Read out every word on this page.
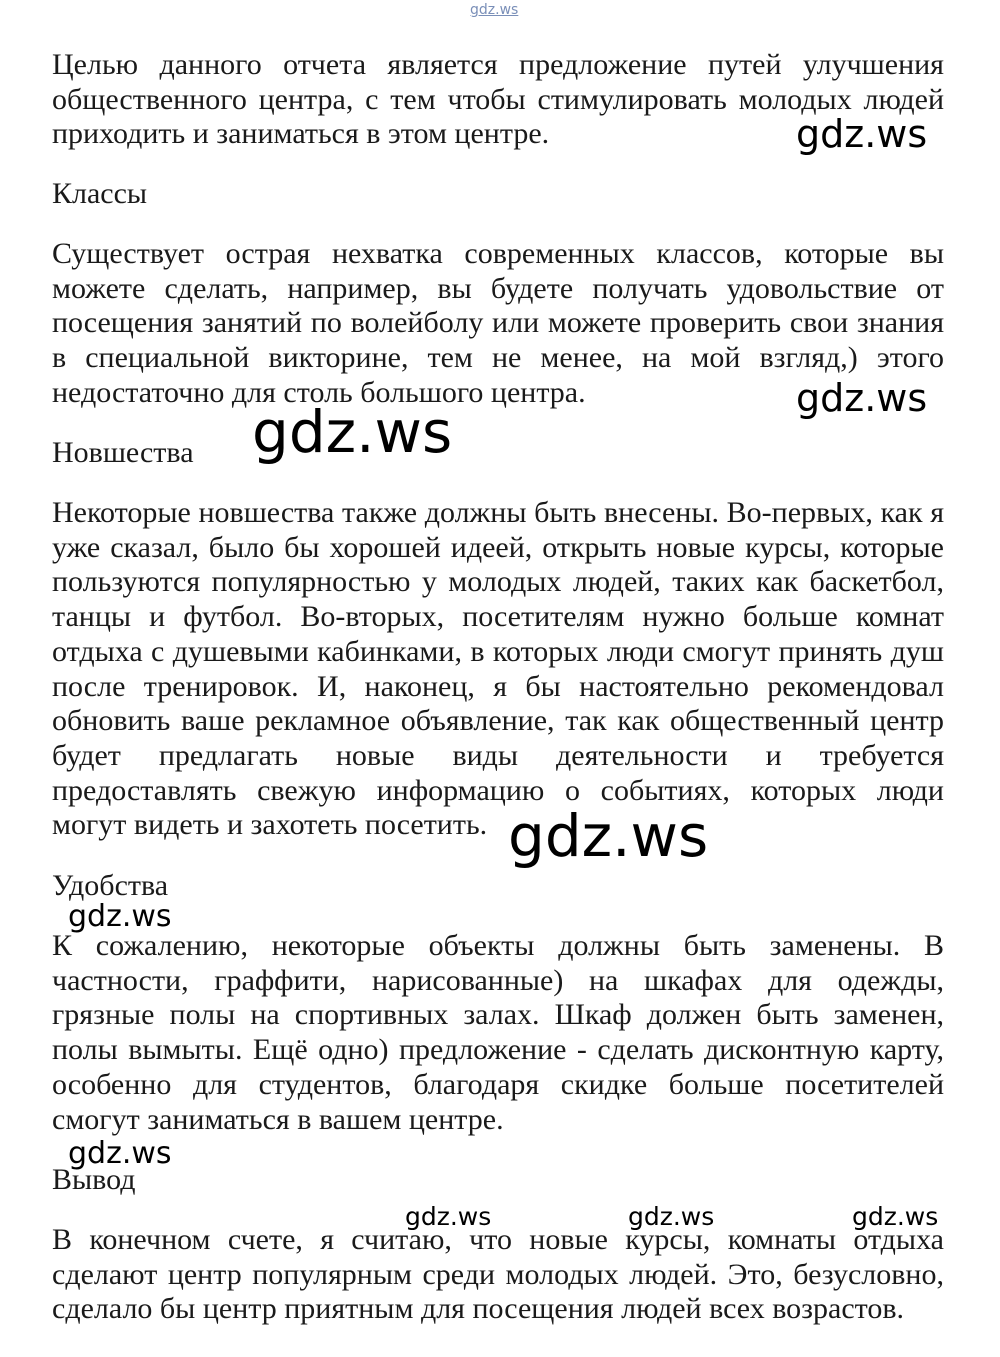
Целью данного отчета является предложение путей улучшения общественного центра, с тем чтобы стимулировать молодых людей приходить и заниматься в этом центре.

Классы

Существует острая нехватка современных классов, которые вы можете сделать, например, вы будете получать удовольствие от посещения занятий по волейболу или можете проверить свои знания в специальной викторине, тем не менее, на мой взгляд,) этого недостаточно для столь большого центра.

Новшества

Некоторые новшества также должны быть внесены. Во-первых, как я уже сказал, было бы хорошей идеей, открыть новые курсы, которые пользуются популярностью у молодых людей, таких как баскетбол, танцы и футбол. Во-вторых, посетителям нужно больше комнат отдыха с душевыми кабинками, в которых люди смогут принять душ после тренировок. И, наконец, я бы настоятельно рекомендовал обновить ваше рекламное объявление, так как общественный центр будет предлагать новые виды деятельности и требуется предоставлять свежую информацию о событиях, которых люди могут видеть и захотеть посетить.

Удобства

К сожалению, некоторые объекты должны быть заменены. В частности, граффити, нарисованные) на шкафах для одежды, грязные полы на спортивных залах. Шкаф должен быть заменен, полы вымыты. Ещё одно) предложение - сделать дисконтную карту, особенно для студентов, благодаря скидке больше посетителей смогут заниматься в вашем центре.

Вывод

В конечном счете, я считаю, что новые курсы, комнаты отдыха сделают центр популярным среди молодых людей. Это, безусловно, сделало бы центр приятным для посещения людей всех возрастов.

gdz.ws
gdz.ws
gdz.ws
gdz.ws
gdz.ws
gdz.ws
gdz.ws
gdz.ws	gdz.ws	gdz.ws
